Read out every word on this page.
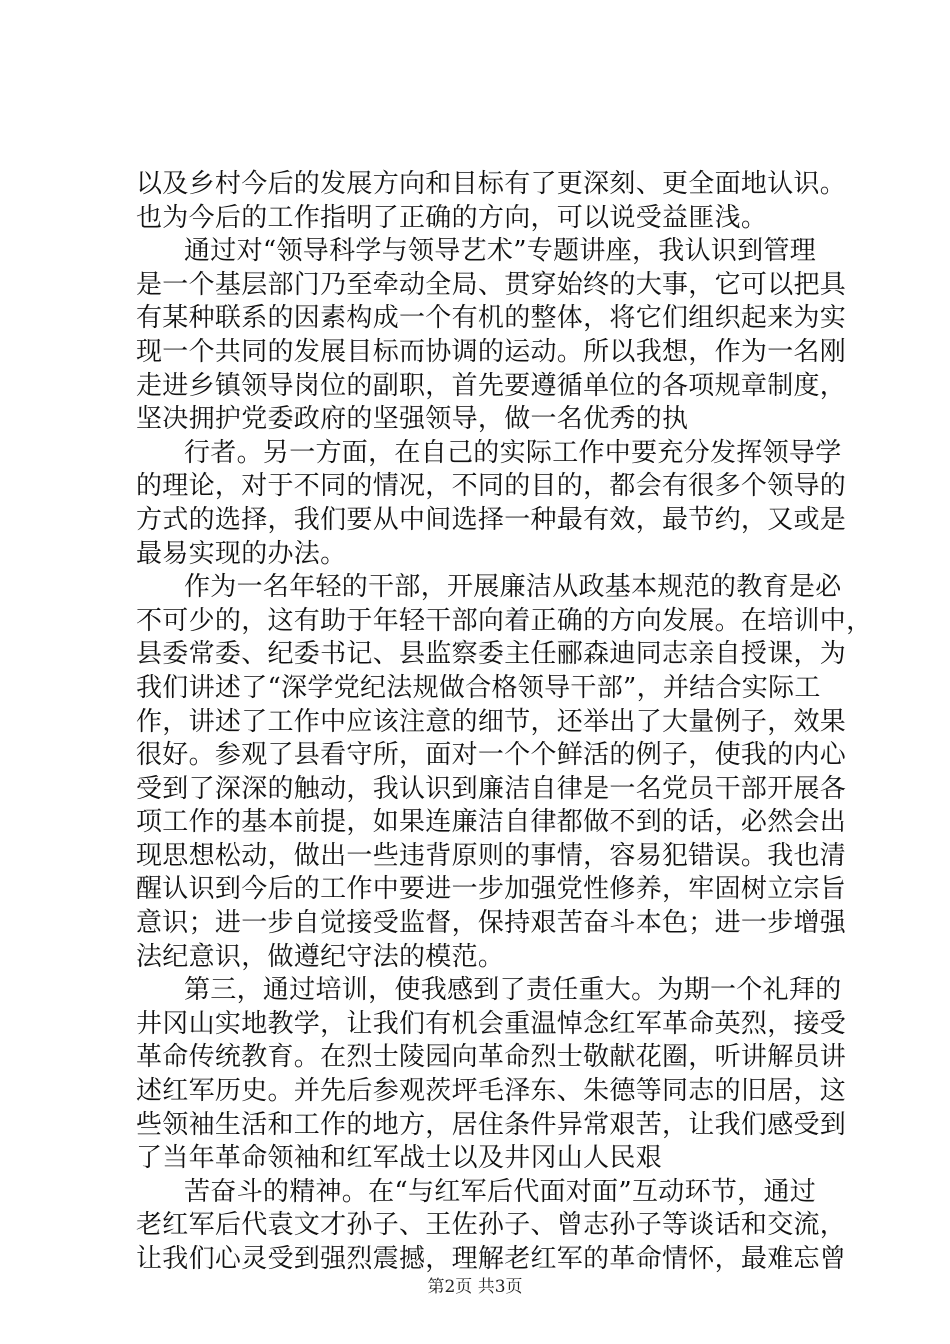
以及乡村今后的发展方向和目标有了更深刻、更全面地认识。
也为今后的工作指明了正确的方向，可以说受益匪浅。
通过对“领导科学与领导艺术”专题讲座，我认识到管理
是一个基层部门乃至牵动全局、贯穿始终的大事，它可以把具
有某种联系的因素构成一个有机的整体，将它们组织起来为实
现一个共同的发展目标而协调的运动。所以我想，作为一名刚
走进乡镇领导岗位的副职，首先要遵循单位的各项规章制度，
坚决拥护党委政府的坚强领导，做一名优秀的执
行者。另一方面，在自己的实际工作中要充分发挥领导学
的理论，对于不同的情况，不同的目的，都会有很多个领导的
方式的选择，我们要从中间选择一种最有效，最节约，又或是
最易实现的办法。
作为一名年轻的干部，开展廉洁从政基本规范的教育是必
不可少的，这有助于年轻干部向着正确的方向发展。在培训中，
县委常委、纪委书记、县监察委主任郦森迪同志亲自授课，为
我们讲述了“深学党纪法规做合格领导干部”，并结合实际工
作，讲述了工作中应该注意的细节，还举出了大量例子，效果
很好。参观了县看守所，面对一个个鲜活的例子，使我的内心
受到了深深的触动，我认识到廉洁自律是一名党员干部开展各
项工作的基本前提，如果连廉洁自律都做不到的话，必然会出
现思想松动，做出一些违背原则的事情，容易犯错误。我也清
醒认识到今后的工作中要进一步加强党性修养，牢固树立宗旨
意识；进一步自觉接受监督，保持艰苦奋斗本色；进一步增强
法纪意识，做遵纪守法的模范。
第三，通过培训，使我感到了责任重大。为期一个礼拜的
井冈山实地教学，让我们有机会重温悼念红军革命英烈，接受
革命传统教育。在烈士陵园向革命烈士敬献花圈，听讲解员讲
述红军历史。并先后参观茨坪毛泽东、朱德等同志的旧居，这
些领袖生活和工作的地方，居住条件异常艰苦，让我们感受到
了当年革命领袖和红军战士以及井冈山人民艰
苦奋斗的精神。在“与红军后代面对面”互动环节，通过
老红军后代袁文才孙子、王佐孙子、曾志孙子等谈话和交流，
让我们心灵受到强烈震撼，理解老红军的革命情怀，最难忘曾
第2页 共3页
